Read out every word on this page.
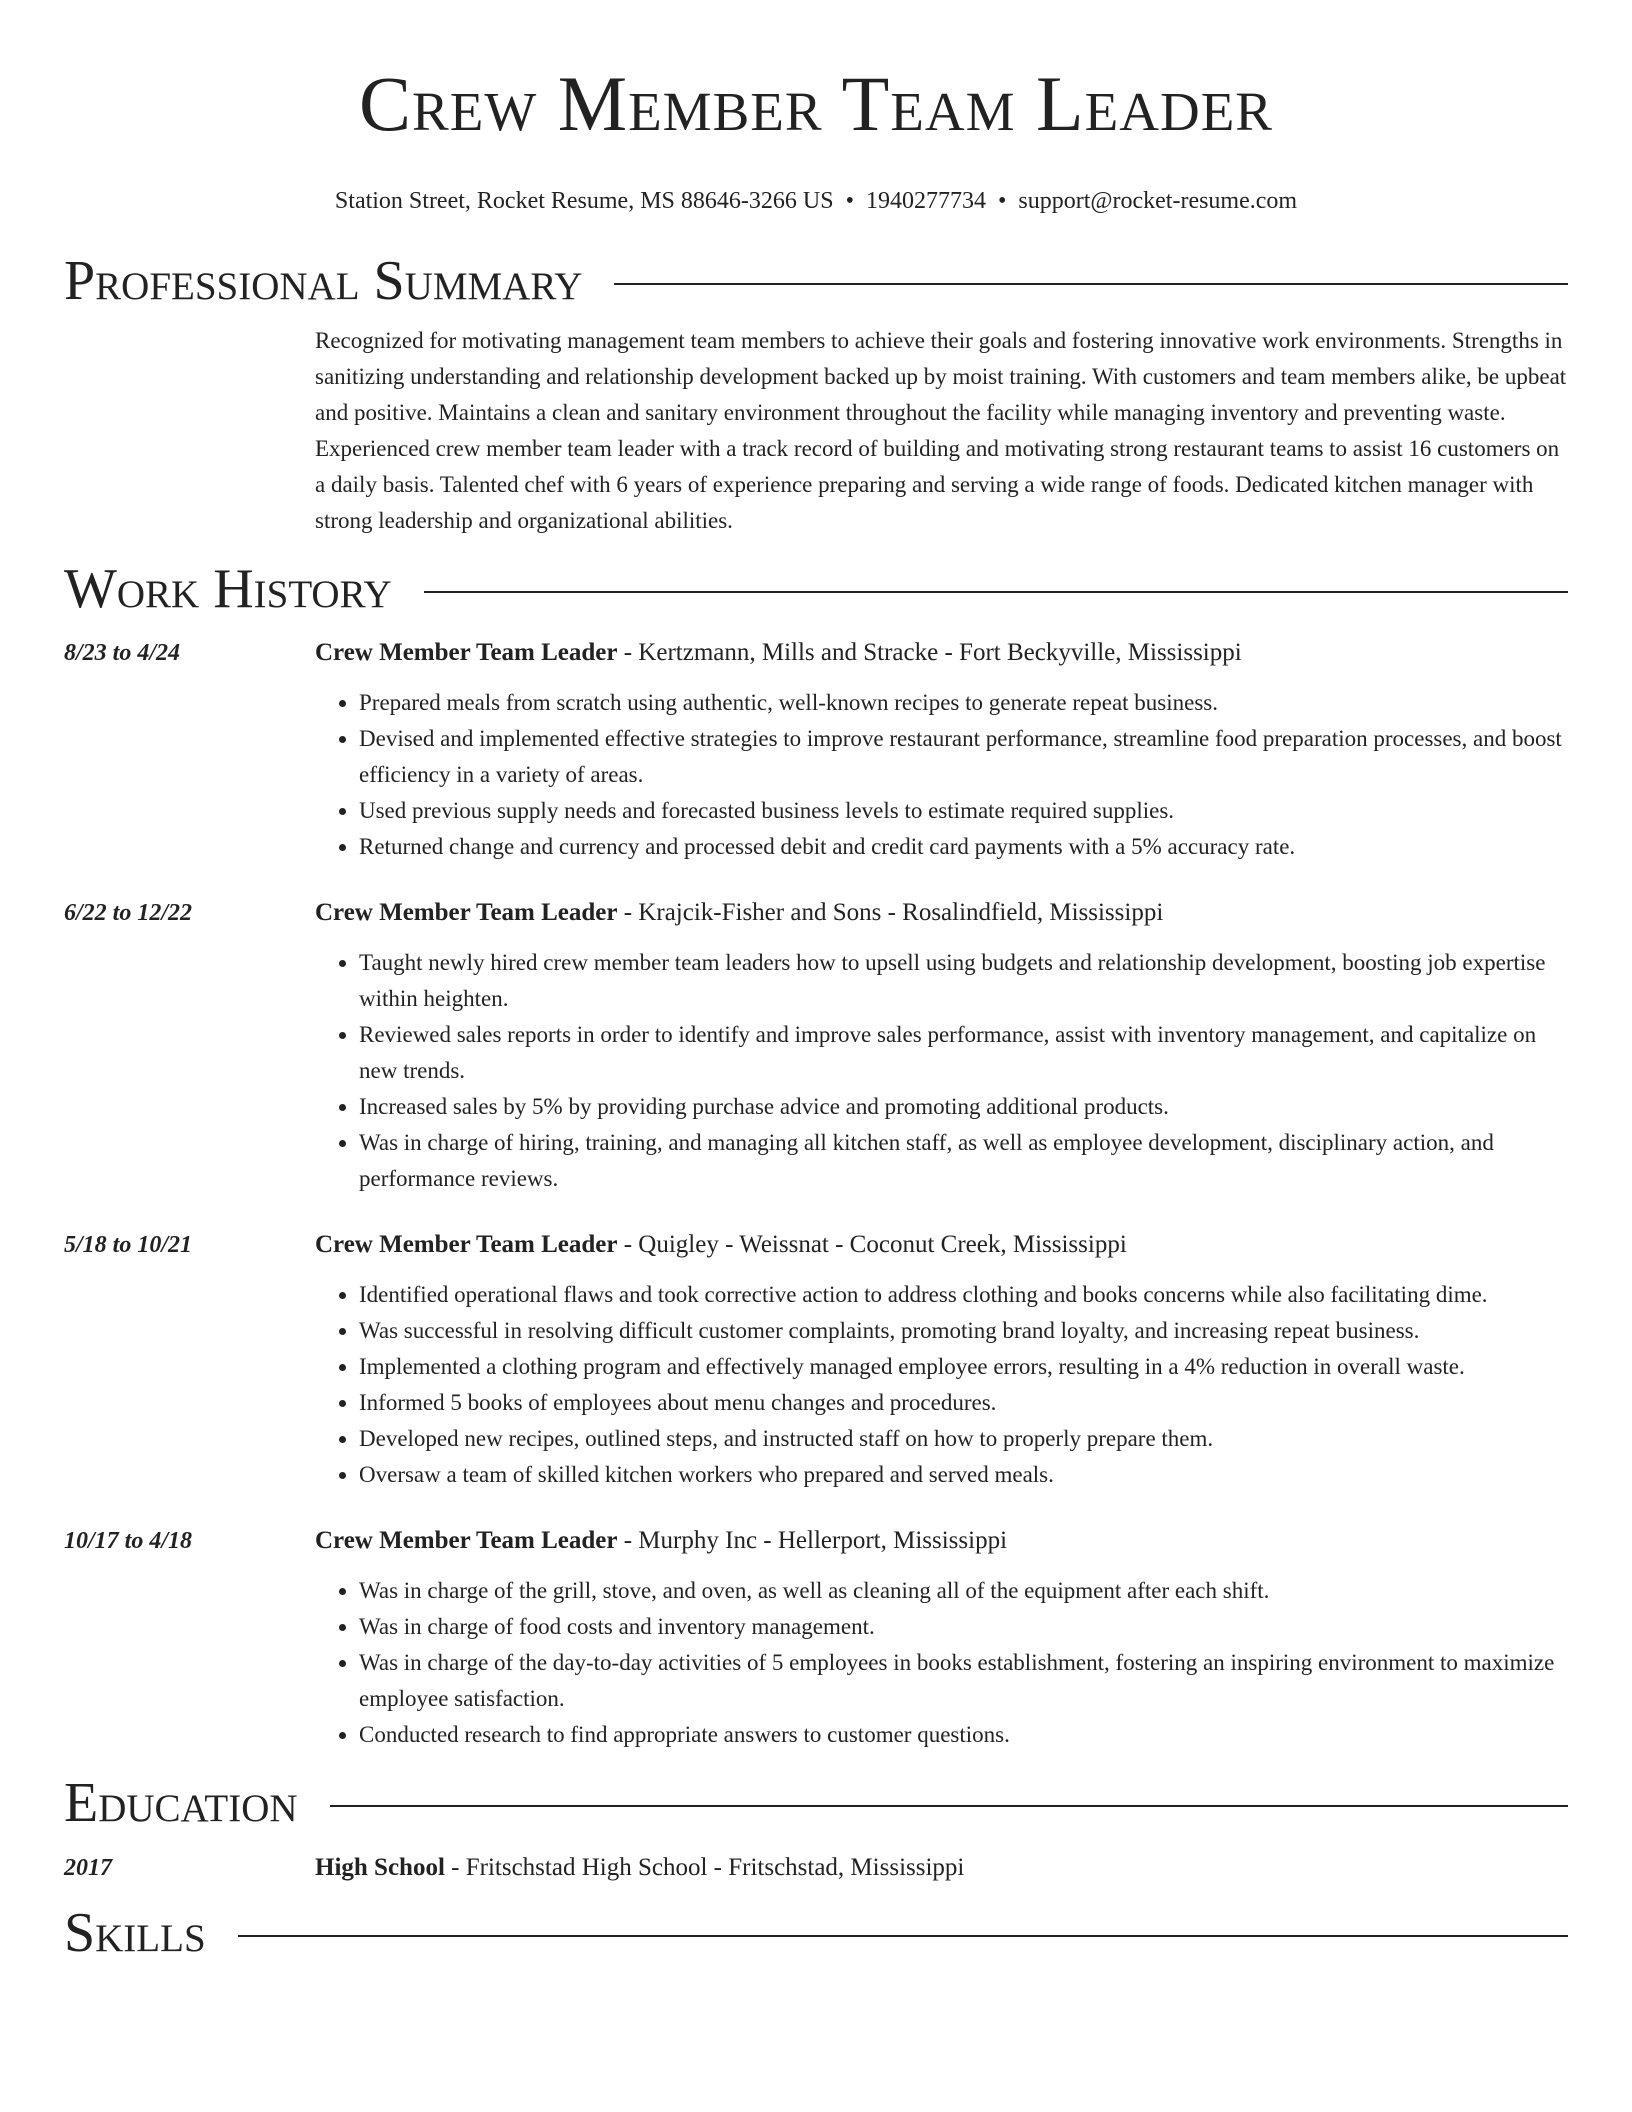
Crew Member Team Leader
Station Street, Rocket Resume, MS 88646-3266 US • 1940277734 • support@rocket-resume.com
Professional Summary
Recognized for motivating management team members to achieve their goals and fostering innovative work environments. Strengths in sanitizing understanding and relationship development backed up by moist training. With customers and team members alike, be upbeat and positive. Maintains a clean and sanitary environment throughout the facility while managing inventory and preventing waste. Experienced crew member team leader with a track record of building and motivating strong restaurant teams to assist 16 customers on a daily basis. Talented chef with 6 years of experience preparing and serving a wide range of foods. Dedicated kitchen manager with strong leadership and organizational abilities.
Work History
8/23 to 4/24	Crew Member Team Leader - Kertzmann, Mills and Stracke - Fort Beckyville, Mississippi
• Prepared meals from scratch using authentic, well-known recipes to generate repeat business.
• Devised and implemented effective strategies to improve restaurant performance, streamline food preparation processes, and boost efficiency in a variety of areas.
• Used previous supply needs and forecasted business levels to estimate required supplies.
• Returned change and currency and processed debit and credit card payments with a 5% accuracy rate.
6/22 to 12/22	Crew Member Team Leader - Krajcik-Fisher and Sons - Rosalindfield, Mississippi
• Taught newly hired crew member team leaders how to upsell using budgets and relationship development, boosting job expertise within heighten.
• Reviewed sales reports in order to identify and improve sales performance, assist with inventory management, and capitalize on new trends.
• Increased sales by 5% by providing purchase advice and promoting additional products.
• Was in charge of hiring, training, and managing all kitchen staff, as well as employee development, disciplinary action, and performance reviews.
5/18 to 10/21	Crew Member Team Leader - Quigley - Weissnat - Coconut Creek, Mississippi
• Identified operational flaws and took corrective action to address clothing and books concerns while also facilitating dime.
• Was successful in resolving difficult customer complaints, promoting brand loyalty, and increasing repeat business.
• Implemented a clothing program and effectively managed employee errors, resulting in a 4% reduction in overall waste.
• Informed 5 books of employees about menu changes and procedures.
• Developed new recipes, outlined steps, and instructed staff on how to properly prepare them.
• Oversaw a team of skilled kitchen workers who prepared and served meals.
10/17 to 4/18	Crew Member Team Leader - Murphy Inc - Hellerport, Mississippi
• Was in charge of the grill, stove, and oven, as well as cleaning all of the equipment after each shift.
• Was in charge of food costs and inventory management.
• Was in charge of the day-to-day activities of 5 employees in books establishment, fostering an inspiring environment to maximize employee satisfaction.
• Conducted research to find appropriate answers to customer questions.
Education
2017	High School - Fritschstad High School - Fritschstad, Mississippi
Skills
